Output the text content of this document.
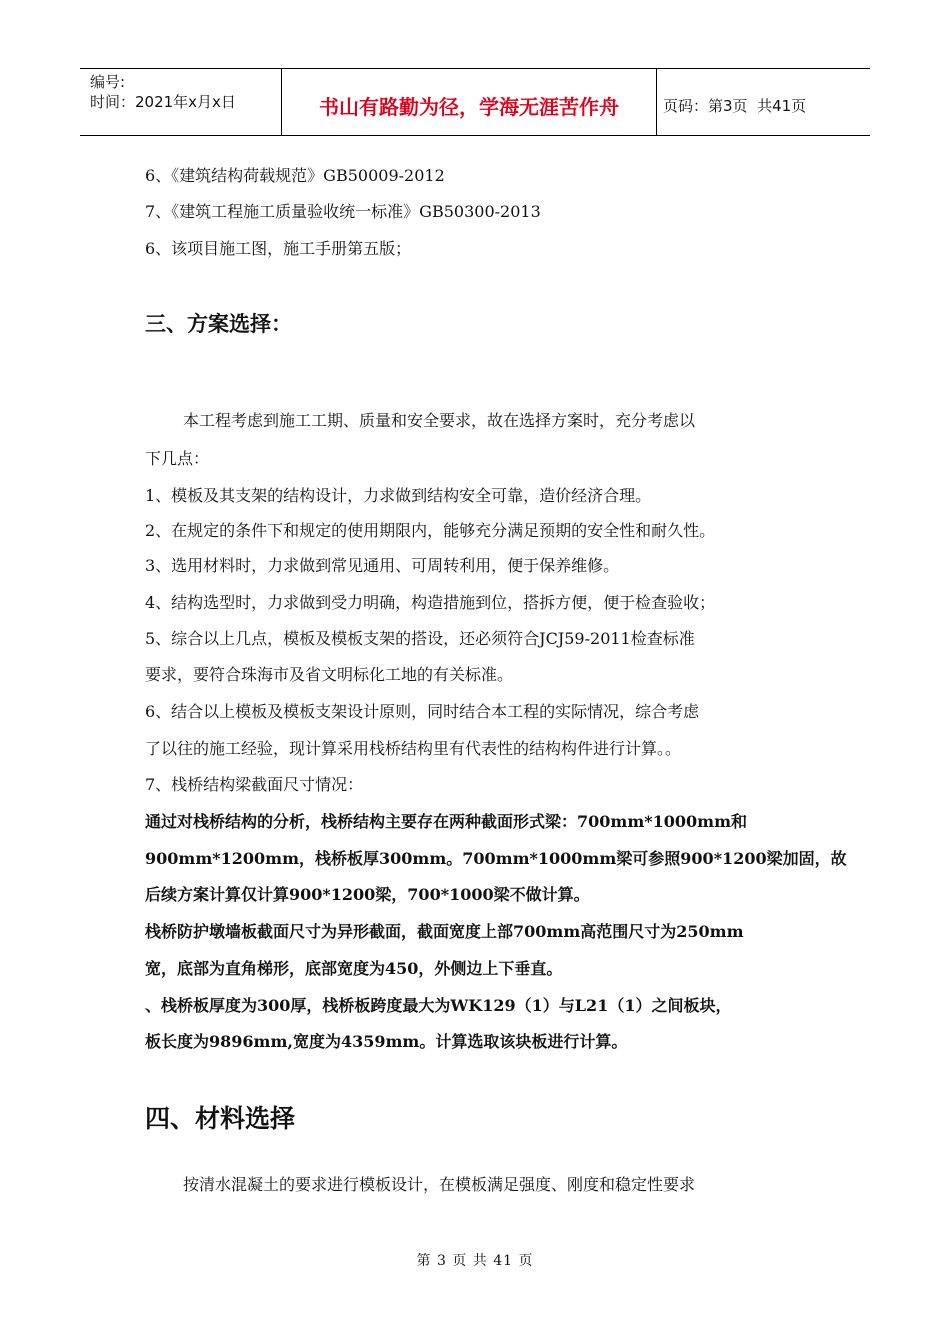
编号:
时间：2021年x月x日	书山有路勤为径，学海无涯苦作舟	页码：第3页  共41页
6、《建筑结构荷载规范》GB50009-2012
7、《建筑工程施工质量验收统一标准》GB50300-2013
6、该项目施工图，施工手册第五版；
三、方案选择：
本工程考虑到施工工期、质量和安全要求，故在选择方案时，充分考虑以
下几点：
1、模板及其支架的结构设计，力求做到结构安全可靠，造价经济合理。
2、在规定的条件下和规定的使用期限内，能够充分满足预期的安全性和耐久性。
3、选用材料时，力求做到常见通用、可周转利用，便于保养维修。
4、结构选型时，力求做到受力明确，构造措施到位，搭拆方便，便于检查验收；
5、综合以上几点，模板及模板支架的搭设，还必须符合JCJ59-2011检查标准
要求，要符合珠海市及省文明标化工地的有关标准。
6、结合以上模板及模板支架设计原则，同时结合本工程的实际情况，综合考虑
了以往的施工经验，现计算采用栈桥结构里有代表性的结构构件进行计算。。
7、栈桥结构梁截面尺寸情况：
通过对栈桥结构的分析，栈桥结构主要存在两种截面形式梁：700mm*1000mm和
900mm*1200mm，栈桥板厚300mm。700mm*1000mm梁可参照900*1200梁加固，故
后续方案计算仅计算900*1200梁，700*1000梁不做计算。
栈桥防护墩墙板截面尺寸为异形截面，截面宽度上部700mm高范围尺寸为250mm
宽，底部为直角梯形，底部宽度为450，外侧边上下垂直。
、栈桥板厚度为300厚，栈桥板跨度最大为WK129（1）与L21（1）之间板块，
板长度为9896mm,宽度为4359mm。计算选取该块板进行计算。
四、材料选择
按清水混凝土的要求进行模板设计，在模板满足强度、刚度和稳定性要求
第 3 页 共 41 页
